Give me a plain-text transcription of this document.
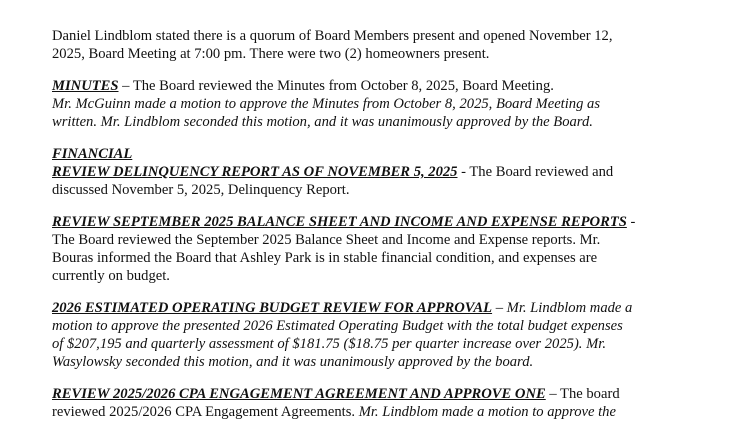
Daniel Lindblom stated there is a quorum of Board Members present and opened November 12,
2025, Board Meeting at 7:00 pm. There were two (2) homeowners present.
MINUTES – The Board reviewed the Minutes from October 8, 2025, Board Meeting.
Mr. McGuinn made a motion to approve the Minutes from October 8, 2025, Board Meeting as
written. Mr. Lindblom seconded this motion, and it was unanimously approved by the Board.
FINANCIAL
REVIEW DELINQUENCY REPORT AS OF NOVEMBER 5, 2025 - The Board reviewed and
discussed November 5, 2025, Delinquency Report.
REVIEW SEPTEMBER 2025 BALANCE SHEET AND INCOME AND EXPENSE REPORTS -
The Board reviewed the September 2025 Balance Sheet and Income and Expense reports. Mr.
Bouras informed the Board that Ashley Park is in stable financial condition, and expenses are
currently on budget.
2026 ESTIMATED OPERATING BUDGET REVIEW FOR APPROVAL – Mr. Lindblom made a
motion to approve the presented 2026 Estimated Operating Budget with the total budget expenses
of $207,195 and quarterly assessment of $181.75 ($18.75 per quarter increase over 2025). Mr.
Wasylowsky seconded this motion, and it was unanimously approved by the board.
REVIEW 2025/2026 CPA ENGAGEMENT AGREEMENT AND APPROVE ONE – The board
reviewed 2025/2026 CPA Engagement Agreements. Mr. Lindblom made a motion to approve the
